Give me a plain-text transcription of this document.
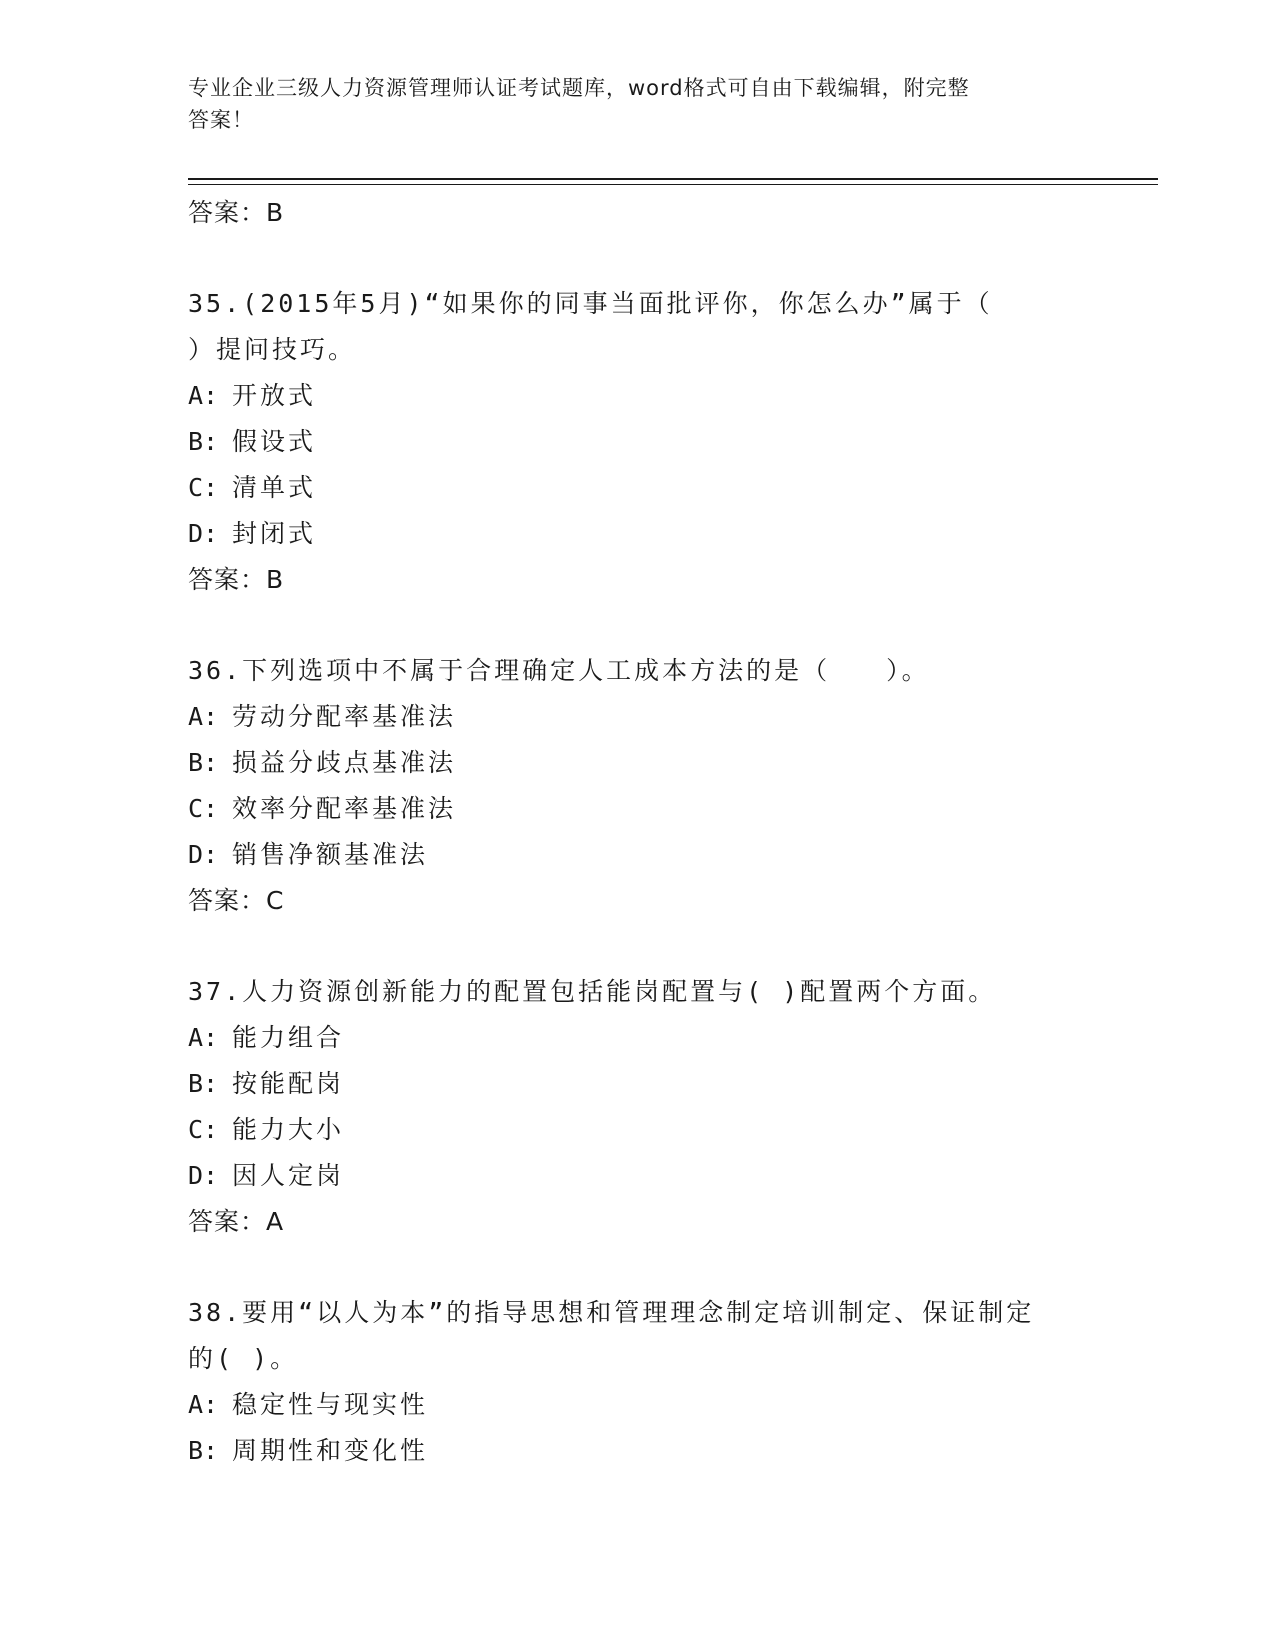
专业企业三级人力资源管理师认证考试题库，word格式可自由下载编辑，附完整
答案！
答案：B
35.(2015年5月)“如果你的同事当面批评你，你怎么办”属于（
）提问技巧。
A: 开放式
B: 假设式
C: 清单式
D: 封闭式
答案：B
36.下列选项中不属于合理确定人工成本方法的是（　　）。
A: 劳动分配率基准法
B: 损益分歧点基准法
C: 效率分配率基准法
D: 销售净额基准法
答案：C
37.人力资源创新能力的配置包括能岗配置与( )配置两个方面。
A: 能力组合
B: 按能配岗
C: 能力大小
D: 因人定岗
答案：A
38.要用“以人为本”的指导思想和管理理念制定培训制定、保证制定
的( )。
A: 稳定性与现实性
B: 周期性和变化性
